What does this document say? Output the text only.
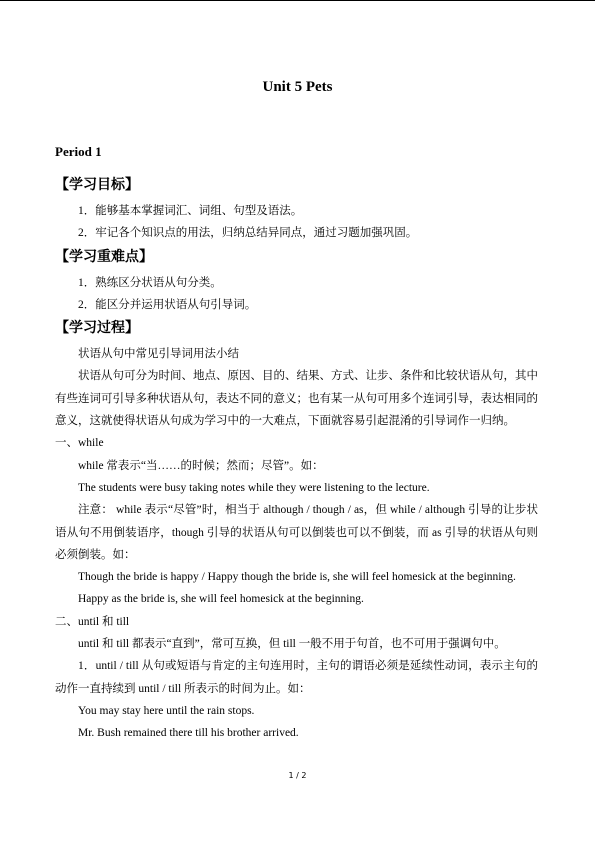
Unit 5 Pets
Period 1
【学习目标】
1．能够基本掌握词汇、词组、句型及语法。
2．牢记各个知识点的用法，归纳总结异同点，通过习题加强巩固。
【学习重难点】
1．熟练区分状语从句分类。
2．能区分并运用状语从句引导词。
【学习过程】
状语从句中常见引导词用法小结
状语从句可分为时间、地点、原因、目的、结果、方式、让步、条件和比较状语从句，其中有些连词可引导多种状语从句，表达不同的意义；也有某一从句可用多个连词引导，表达相同的意义，这就使得状语从句成为学习中的一大难点，下面就容易引起混淆的引导词作一归纳。
一、while
while 常表示“当……的时候；然而；尽管”。如：
The students were busy taking notes while they were listening to the lecture.
注意： while 表示“尽管”时，相当于 although / though / as，但 while / although 引导的让步状语从句不用倒装语序，though 引导的状语从句可以倒装也可以不倒装，而 as 引导的状语从句则必须倒装。如：
Though the bride is happy / Happy though the bride is, she will feel homesick at the beginning.
Happy as the bride is, she will feel homesick at the beginning.
二、until 和 till
until 和 till 都表示“直到”，常可互换，但 till 一般不用于句首，也不可用于强调句中。
1．until / till 从句或短语与肯定的主句连用时，主句的谓语必须是延续性动词，表示主句的动作一直持续到 until / till 所表示的时间为止。如：
You may stay here until the rain stops.
Mr. Bush remained there till his brother arrived.
1 / 2
